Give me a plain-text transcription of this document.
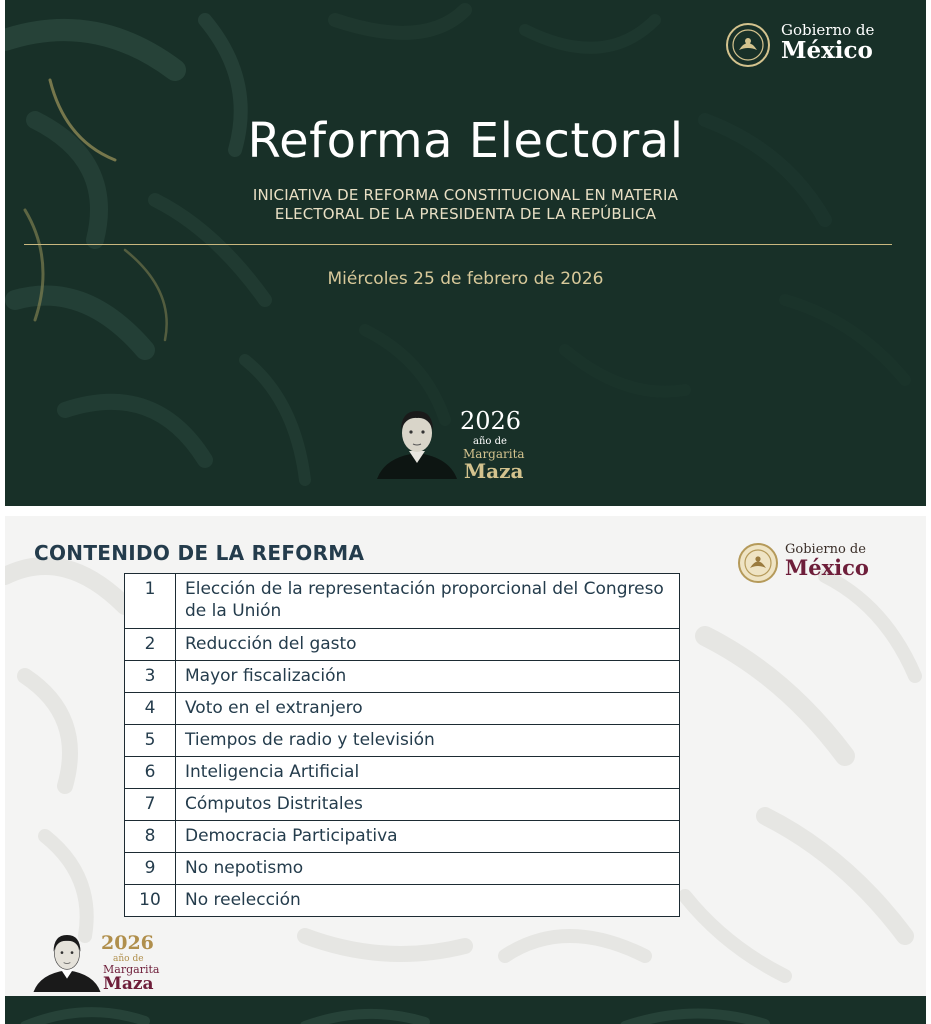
Gobierno de
México
Reforma Electoral
INICIATIVA DE REFORMA CONSTITUCIONAL EN MATERIA
ELECTORAL DE LA PRESIDENTA DE LA REPÚBLICA
Miércoles 25 de febrero de 2026
2026
año de
Margarita
Maza
CONTENIDO DE LA REFORMA	Gobierno de
México
1	Elección de la representación proporcional del Congreso de la Unión
2	Reducción del gasto
3	Mayor fiscalización
4	Voto en el extranjero
5	Tiempos de radio y televisión
6	Inteligencia Artificial
7	Cómputos Distritales
8	Democracia Participativa
9	No nepotismo
10	No reelección
2026
año de
Margarita
Maza
